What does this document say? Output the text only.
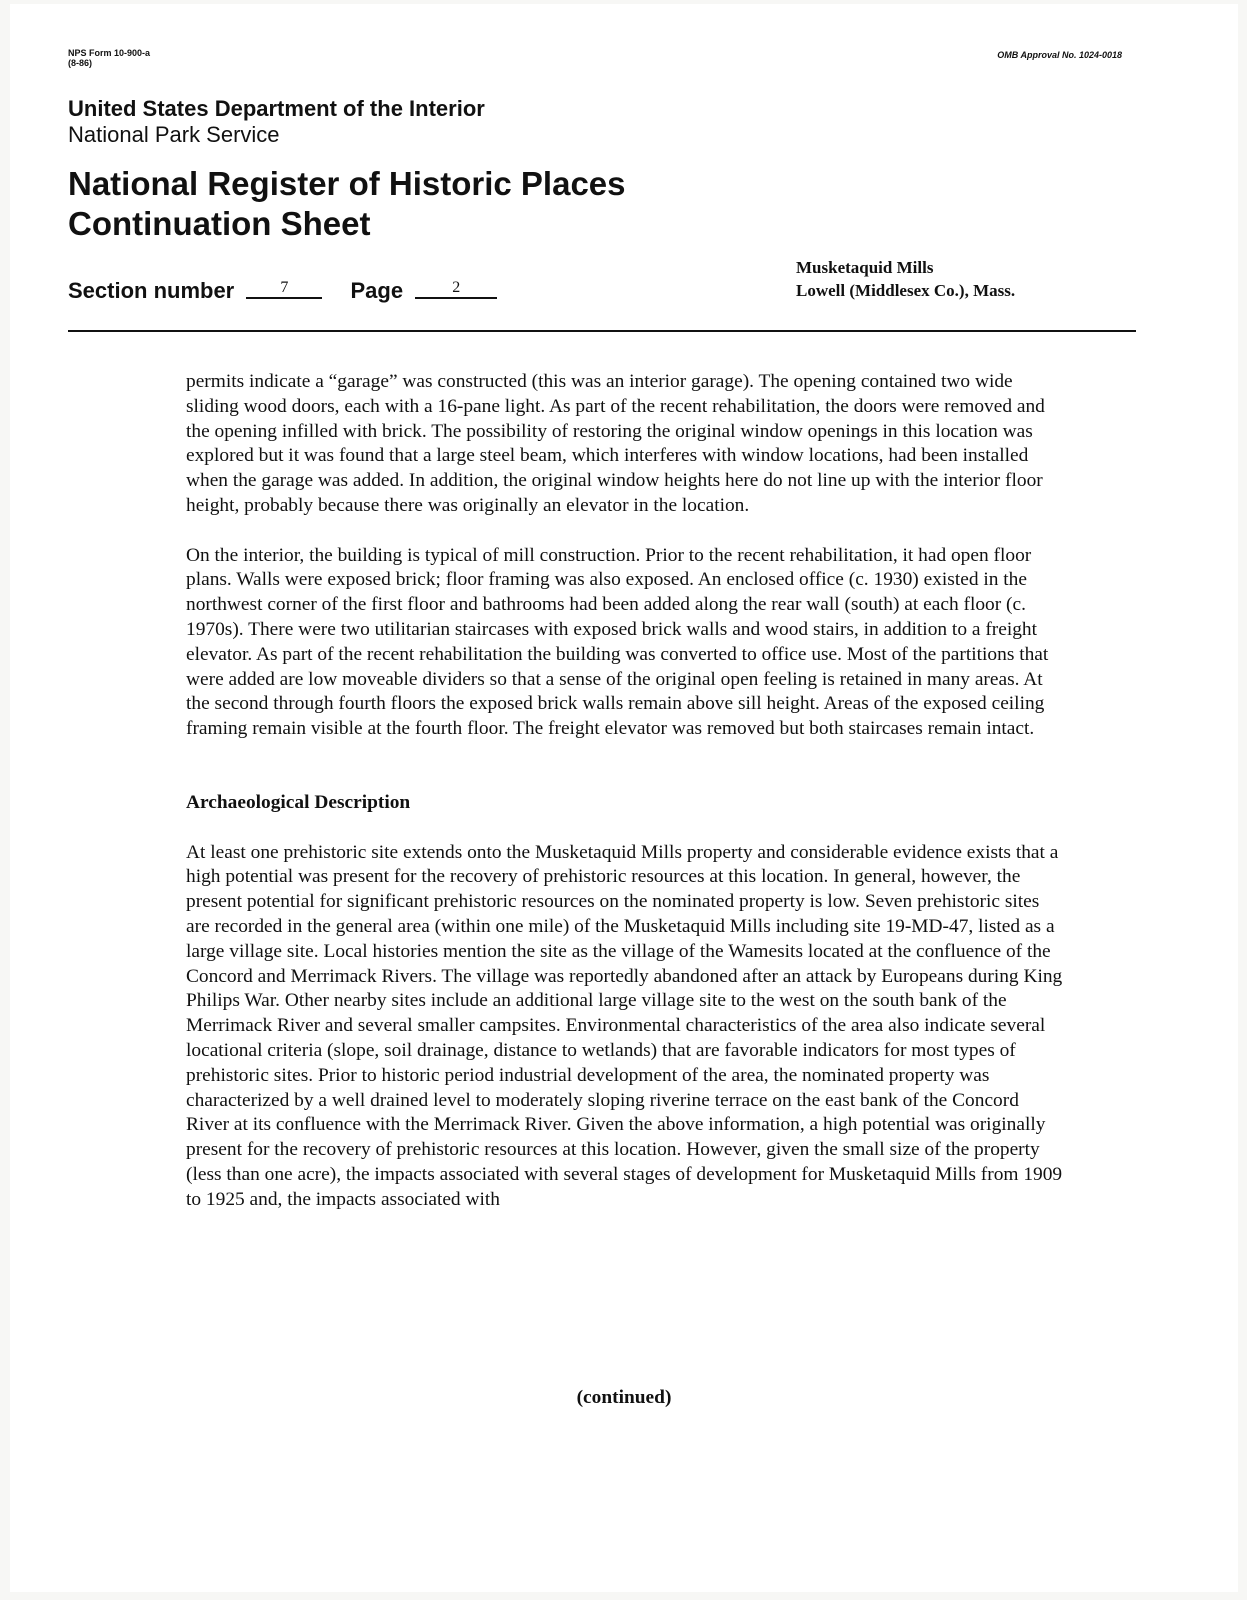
NPS Form 10-900-a
(8-86)
OMB Approval No. 1024-0018
United States Department of the Interior
National Park Service
National Register of Historic Places
Continuation Sheet
Section number	7	Page	2
Musketaquid Mills
Lowell (Middlesex Co.), Mass.

permits indicate a “garage” was constructed (this was an interior garage). The opening contained two wide sliding wood doors, each with a 16-pane light. As part of the recent rehabilitation, the doors were removed and the opening infilled with brick. The possibility of restoring the original window openings in this location was explored but it was found that a large steel beam, which interferes with window locations, had been installed when the garage was added. In addition, the original window heights here do not line up with the interior floor height, probably because there was originally an elevator in the location.

On the interior, the building is typical of mill construction. Prior to the recent rehabilitation, it had open floor plans. Walls were exposed brick; floor framing was also exposed. An enclosed office (c. 1930) existed in the northwest corner of the first floor and bathrooms had been added along the rear wall (south) at each floor (c. 1970s). There were two utilitarian staircases with exposed brick walls and wood stairs, in addition to a freight elevator. As part of the recent rehabilitation the building was converted to office use. Most of the partitions that were added are low moveable dividers so that a sense of the original open feeling is retained in many areas. At the second through fourth floors the exposed brick walls remain above sill height. Areas of the exposed ceiling framing remain visible at the fourth floor. The freight elevator was removed but both staircases remain intact.

Archaeological Description

At least one prehistoric site extends onto the Musketaquid Mills property and considerable evidence exists that a high potential was present for the recovery of prehistoric resources at this location. In general, however, the present potential for significant prehistoric resources on the nominated property is low. Seven prehistoric sites are recorded in the general area (within one mile) of the Musketaquid Mills including site 19-MD-47, listed as a large village site. Local histories mention the site as the village of the Wamesits located at the confluence of the Concord and Merrimack Rivers. The village was reportedly abandoned after an attack by Europeans during King Philips War. Other nearby sites include an additional large village site to the west on the south bank of the Merrimack River and several smaller campsites. Environmental characteristics of the area also indicate several locational criteria (slope, soil drainage, distance to wetlands) that are favorable indicators for most types of prehistoric sites. Prior to historic period industrial development of the area, the nominated property was characterized by a well drained level to moderately sloping riverine terrace on the east bank of the Concord River at its confluence with the Merrimack River. Given the above information, a high potential was originally present for the recovery of prehistoric resources at this location. However, given the small size of the property (less than one acre), the impacts associated with several stages of development for Musketaquid Mills from 1909 to 1925 and, the impacts associated with

(continued)
